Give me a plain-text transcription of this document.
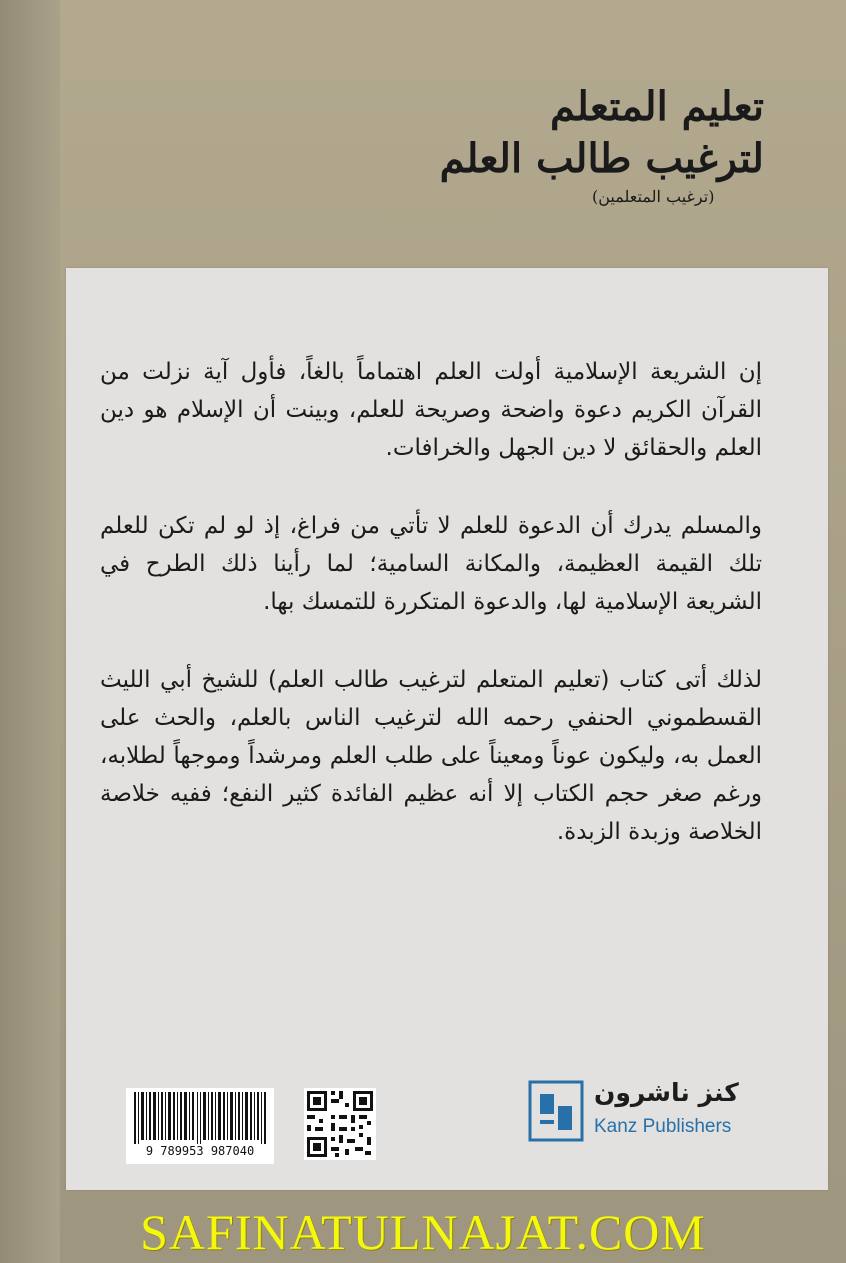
تعليم المتعلم
لترغيب طالب العلم
(ترغيب المتعلمين)

إن الشريعة الإسلامية أولت العلم اهتماماً بالغاً، فأول آية نزلت من القرآن الكريم دعوة واضحة وصريحة للعلم، وبينت أن الإسلام هو دين العلم والحقائق لا دين الجهل والخرافات.

والمسلم يدرك أن الدعوة للعلم لا تأتي من فراغ، إذ لو لم تكن للعلم تلك القيمة العظيمة، والمكانة السامية؛ لما رأينا ذلك الطرح في الشريعة الإسلامية لها، والدعوة المتكررة للتمسك بها.

لذلك أتى كتاب (تعليم المتعلم لترغيب طالب العلم) للشيخ أبي الليث القسطموني الحنفي رحمه الله لترغيب الناس بالعلم، والحث على العمل به، وليكون عوناً ومعيناً على طلب العلم ومرشداً وموجهاً لطلابه، ورغم صغر حجم الكتاب إلا أنه عظيم الفائدة كثير النفع؛ ففيه خلاصة الخلاصة وزبدة الزبدة.

9 789953 987040
كنز ناشرون
Kanz Publishers
SAFINATULNAJAT.COM
